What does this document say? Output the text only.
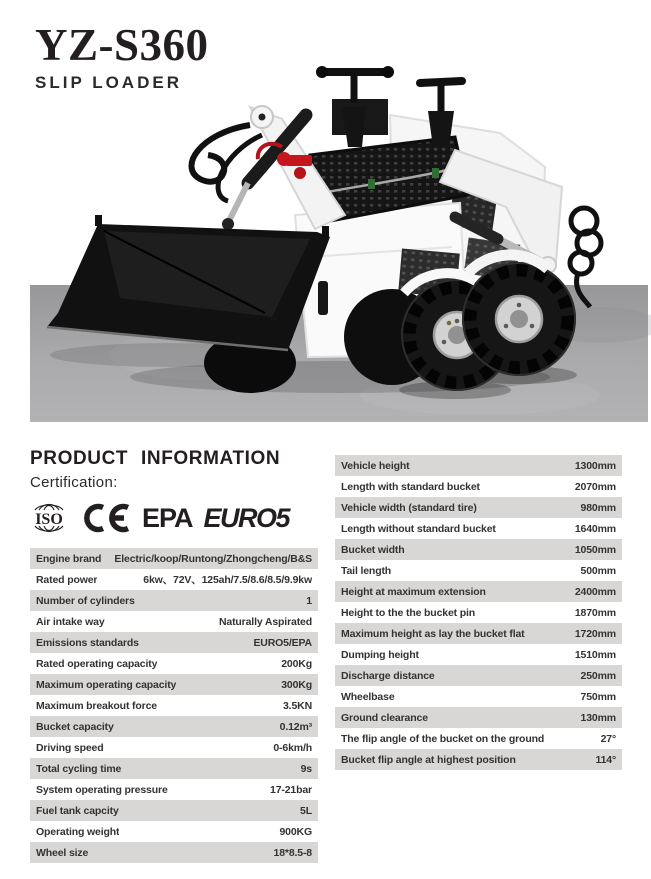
YZ-S360
SLIP LOADER
PRODUCT INFORMATION
Certification:
ISO	EPA EURO5
Engine brand Electric/koop/Runtong/Zhongcheng/B&S
Rated power	6kw、72V、125ah/7.5/8.6/8.5/9.9kw
Number of cylinders	1
Air intake way	Naturally Aspirated
Emissions standards	EURO5/EPA
Rated operating capacity	200Kg
Maximum operating capacity	300Kg
Maximum breakout force	3.5KN
Bucket capacity	0.12m³
Driving speed	0-6km/h
Total cycling time	9s
System operating pressure	17-21bar
Fuel tank capcity	5L
Operating weight	900KG
Wheel size	18*8.5-8
Vehicle height	1300mm
Length with standard bucket	2070mm
Vehicle width (standard tire)	980mm
Length without standard bucket	1640mm
Bucket width	1050mm
Tail length	500mm
Height at maximum extension	2400mm
Height to the the bucket pin	1870mm
Maximum height as lay the bucket flat	1720mm
Dumping height	1510mm
Discharge distance	250mm
Wheelbase	750mm
Ground clearance	130mm
The flip angle of the bucket on the ground	27°
Bucket flip angle at highest position	114°
